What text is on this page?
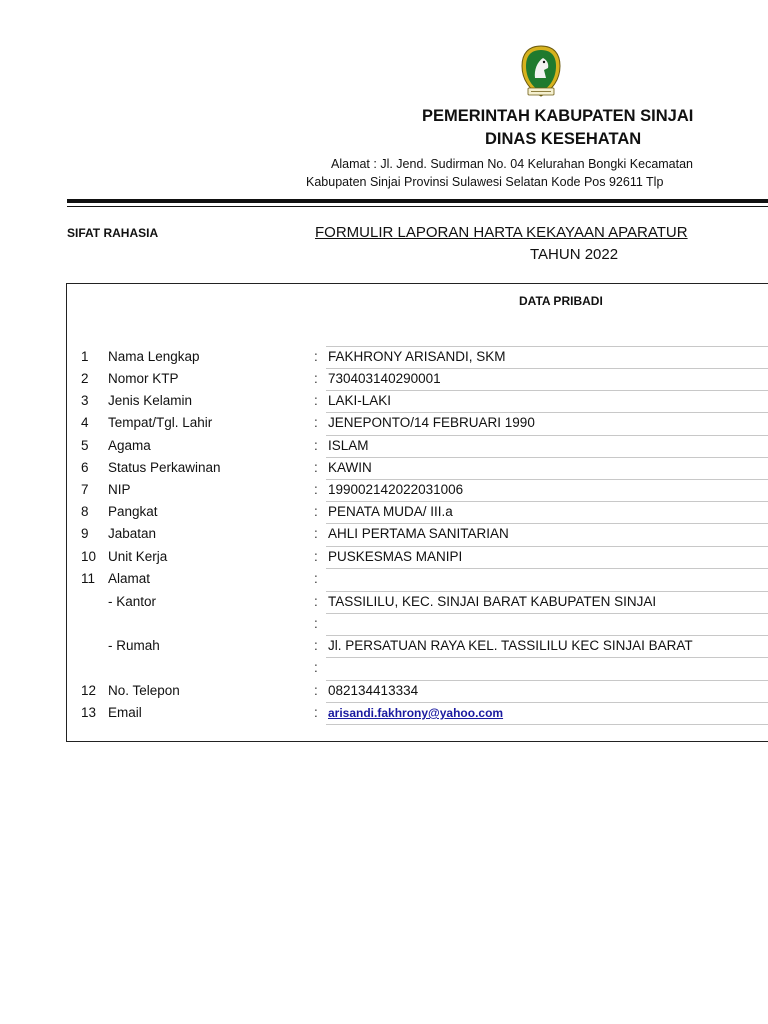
PEMERINTAH KABUPATEN SINJAI
DINAS KESEHATAN
Alamat : Jl. Jend. Sudirman No. 04 Kelurahan Bongki Kecamatan
Kabupaten Sinjai Provinsi Sulawesi Selatan Kode Pos 92611 Tlp
SIFAT RAHASIA	FORMULIR LAPORAN HARTA KEKAYAAN APARATUR
TAHUN 2022
DATA PRIBADI
1 Nama Lengkap	: FAKHRONY ARISANDI, SKM
2 Nomor KTP	: 730403140290001
3 Jenis Kelamin	: LAKI-LAKI
4 Tempat/Tgl. Lahir	: JENEPONTO/14 FEBRUARI 1990
5 Agama	: ISLAM
6 Status Perkawinan	: KAWIN
7 NIP	: 199002142022031006
8 Pangkat	: PENATA MUDA/ III.a
9 Jabatan	: AHLI PERTAMA SANITARIAN
10 Unit Kerja	: PUSKESMAS MANIPI
11 Alamat	:
- Kantor	: TASSILILU, KEC. SINJAI BARAT KABUPATEN SINJAI
:
- Rumah	: Jl. PERSATUAN RAYA KEL. TASSILILU KEC SINJAI BARAT
:
12 No. Telepon	: 082134413334
13 Email	: arisandi.fakhrony@yahoo.com
